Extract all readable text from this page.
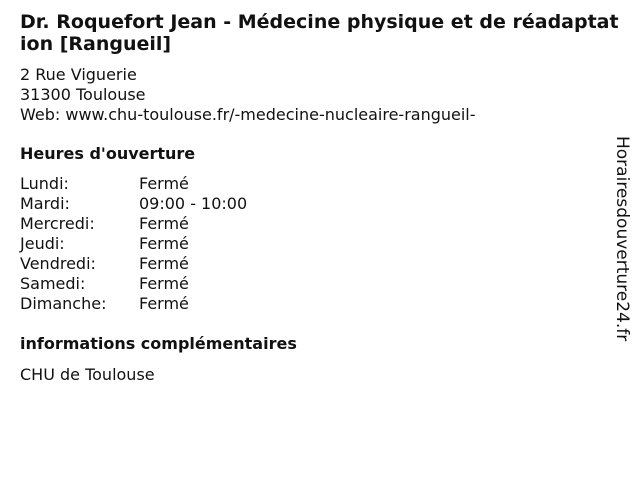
Dr. Roquefort Jean - Médecine physique et de réadaptation [Rangueil]
2 Rue Viguerie
31300 Toulouse
Web: www.chu-toulouse.fr/-medecine-nucleaire-rangueil-
Heures d'ouverture
Lundi:	Fermé
Mardi:	09:00 - 10:00
Mercredi:	Fermé
Jeudi:	Fermé
Vendredi:	Fermé
Samedi:	Fermé
Dimanche:	Fermé
informations complémentaires
CHU de Toulouse
Horairesdouverture24.fr
